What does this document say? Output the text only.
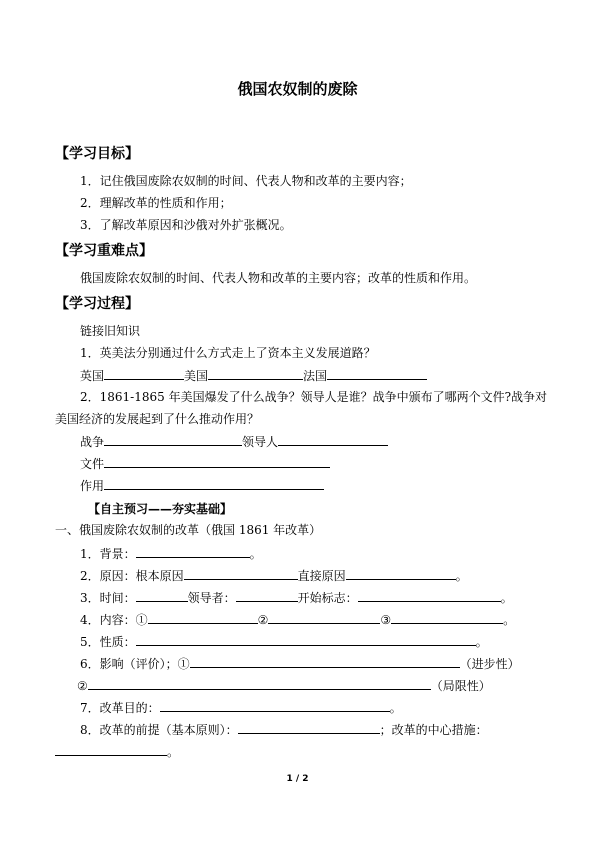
俄国农奴制的废除
【学习目标】
1．记住俄国废除农奴制的时间、代表人物和改革的主要内容；
2．理解改革的性质和作用；
3．了解改革原因和沙俄对外扩张概况。
【学习重难点】
俄国废除农奴制的时间、代表人物和改革的主要内容；改革的性质和作用。
【学习过程】
链接旧知识
1．英美法分别通过什么方式走上了资本主义发展道路？
英国	美国	法国
2．1861-1865 年美国爆发了什么战争？领导人是谁？战争中颁布了哪两个文件?战争对
美国经济的发展起到了什么推动作用？
战争	领导人
文件
作用
【自主预习——夯实基础】
一、俄国废除农奴制的改革（俄国 1861 年改革）
1．背景：	。
2．原因：根本原因	直接原因	。
3．时间：	领导者：	开始标志：	。
4．内容：①	②	③	。
5．性质：	。
6．影响（评价）；①	（进步性）
②	（局限性）
7．改革目的：	。
8．改革的前提（基本原则）：	；改革的中心措施：
。
1 / 2
